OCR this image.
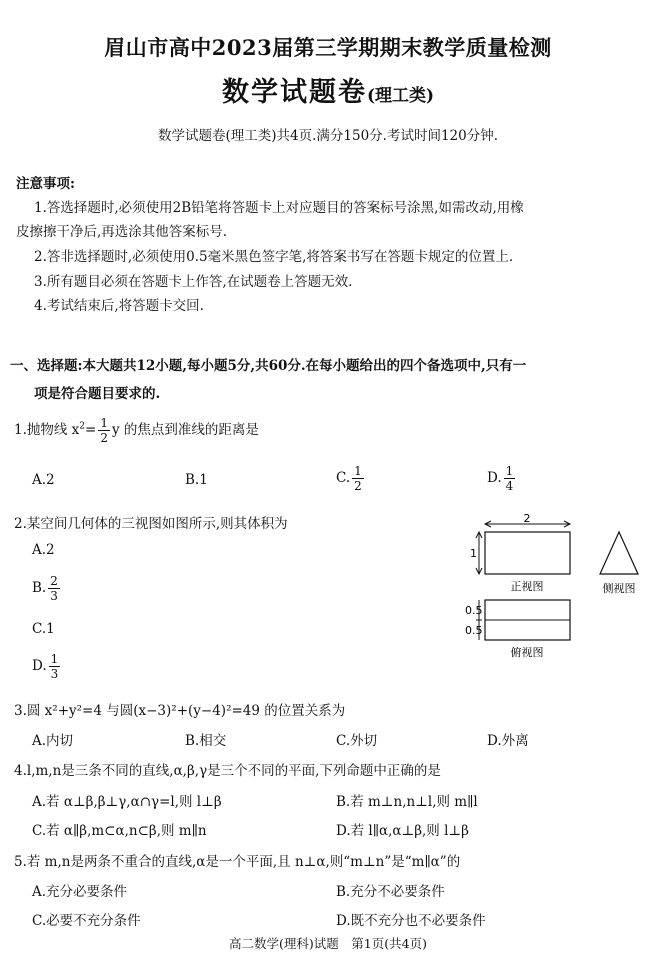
眉山市高中2023届第三学期期末教学质量检测
数学试题卷(理工类)
数学试题卷(理工类)共4页.满分150分.考试时间120分钟.
注意事项:
1.答选择题时,必须使用2B铅笔将答题卡上对应题目的答案标号涂黑,如需改动,用橡
皮擦擦干净后,再选涂其他答案标号.
2.答非选择题时,必须使用0.5毫米黑色签字笔,将答案书写在答题卡规定的位置上.
3.所有题目必须在答题卡上作答,在试题卷上答题无效.
4.考试结束后,将答题卡交回.
一、选择题:本大题共12小题,每小题5分,共60分.在每小题给出的四个备选项中,只有一
项是符合题目要求的.
1.抛物线 $x^2= \frac{1}{2}$ y 的焦点到准线的距离是
A.2	B.1	C. $\frac{1}{2}$	D. $\frac{1}{4}$
2.某空间几何体的三视图如图所示,则其体积为
A.2
B. $\frac{2}{3}$
C.1
D. $\frac{1}{3}$
2
1
正视图	侧视图
0.5
0.5
俯视图
3.圆 x²+y²=4 与圆(x−3)²+(y−4)²=49 的位置关系为
A.内切	B.相交	C.外切	D.外离
4.l,m,n是三条不同的直线,α,β,γ是三个不同的平面,下列命题中正确的是
A.若 α⊥β,β⊥γ,α∩γ=l,则 l⊥β	B.若 m⊥n,n⊥l,则 m∥l
C.若 α∥β,m⊂α,n⊂β,则 m∥n	D.若 l∥α,α⊥β,则 l⊥β
5.若 m,n是两条不重合的直线,α是一个平面,且 n⊥α,则“m⊥n”是“m∥α”的
A.充分必要条件	B.充分不必要条件
C.必要不充分条件	D.既不充分也不必要条件
高二数学(理科)试题　第1页(共4页)
